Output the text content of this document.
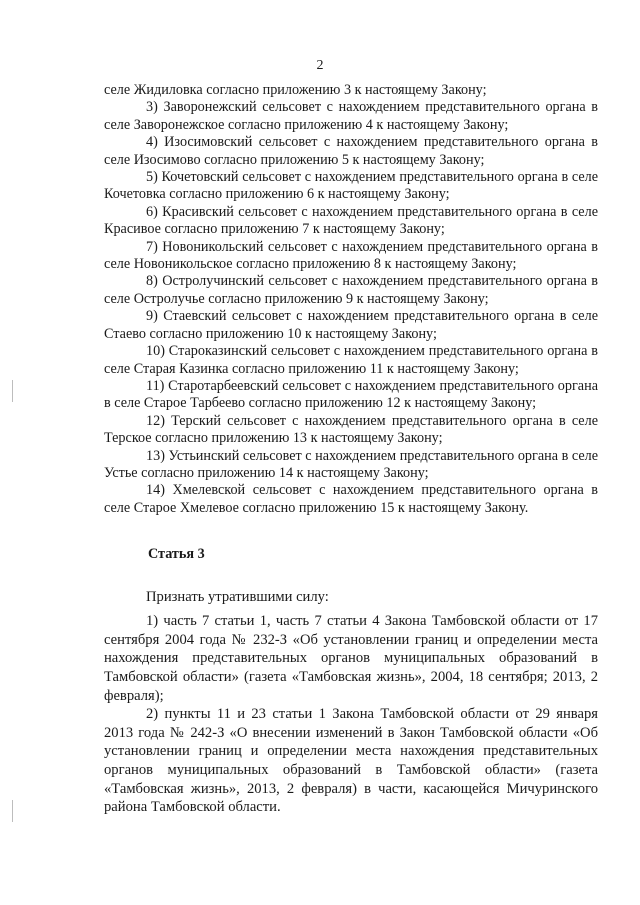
2

селе Жидиловка согласно приложению 3 к настоящему Закону;

3) Заворонежский сельсовет с нахождением представительного органа в селе Заворонежское согласно приложению 4 к настоящему Закону;

4) Изосимовский сельсовет с нахождением представительного органа в селе Изосимово согласно приложению 5 к настоящему Закону;

5) Кочетовский сельсовет с нахождением представительного органа в селе Кочетовка согласно приложению 6 к настоящему Закону;

6) Красивский сельсовет с нахождением представительного органа в селе Красивое согласно приложению 7 к настоящему Закону;

7) Новоникольский сельсовет с нахождением представительного органа в селе Новоникольское согласно приложению 8 к настоящему Закону;

8) Остролучинский сельсовет с нахождением представительного органа в селе Остролучье согласно приложению 9 к настоящему Закону;

9) Стаевский сельсовет с нахождением представительного органа в селе Стаево согласно приложению 10 к настоящему Закону;

10) Староказинский сельсовет с нахождением представительного органа в селе Старая Казинка согласно приложению 11 к настоящему Закону;

11) Старотарбеевский сельсовет с нахождением представительного органа в селе Старое Тарбеево согласно приложению 12 к настоящему Закону;

12) Терский сельсовет с нахождением представительного органа в селе Терское согласно приложению 13 к настоящему Закону;

13) Устьинский сельсовет с нахождением представительного органа в селе Устье согласно приложению 14 к настоящему Закону;

14) Хмелевской сельсовет с нахождением представительного органа в селе Старое Хмелевое согласно приложению 15 к настоящему Закону.

Статья 3

Признать утратившими силу:

1) часть 7 статьи 1, часть 7 статьи 4 Закона Тамбовской области от 17 сентября 2004 года № 232-З «Об установлении границ и определении места нахождения представительных органов муниципальных образований в Тамбовской области» (газета «Тамбовская жизнь», 2004, 18 сентября; 2013, 2 февраля);

2) пункты 11 и 23 статьи 1 Закона Тамбовской области от 29 января 2013 года № 242-З «О внесении изменений в Закон Тамбовской области «Об установлении границ и определении места нахождения представительных органов муниципальных образований в Тамбовской области» (газета «Тамбовская жизнь», 2013, 2 февраля) в части, касающейся Мичуринского района Тамбовской области.
